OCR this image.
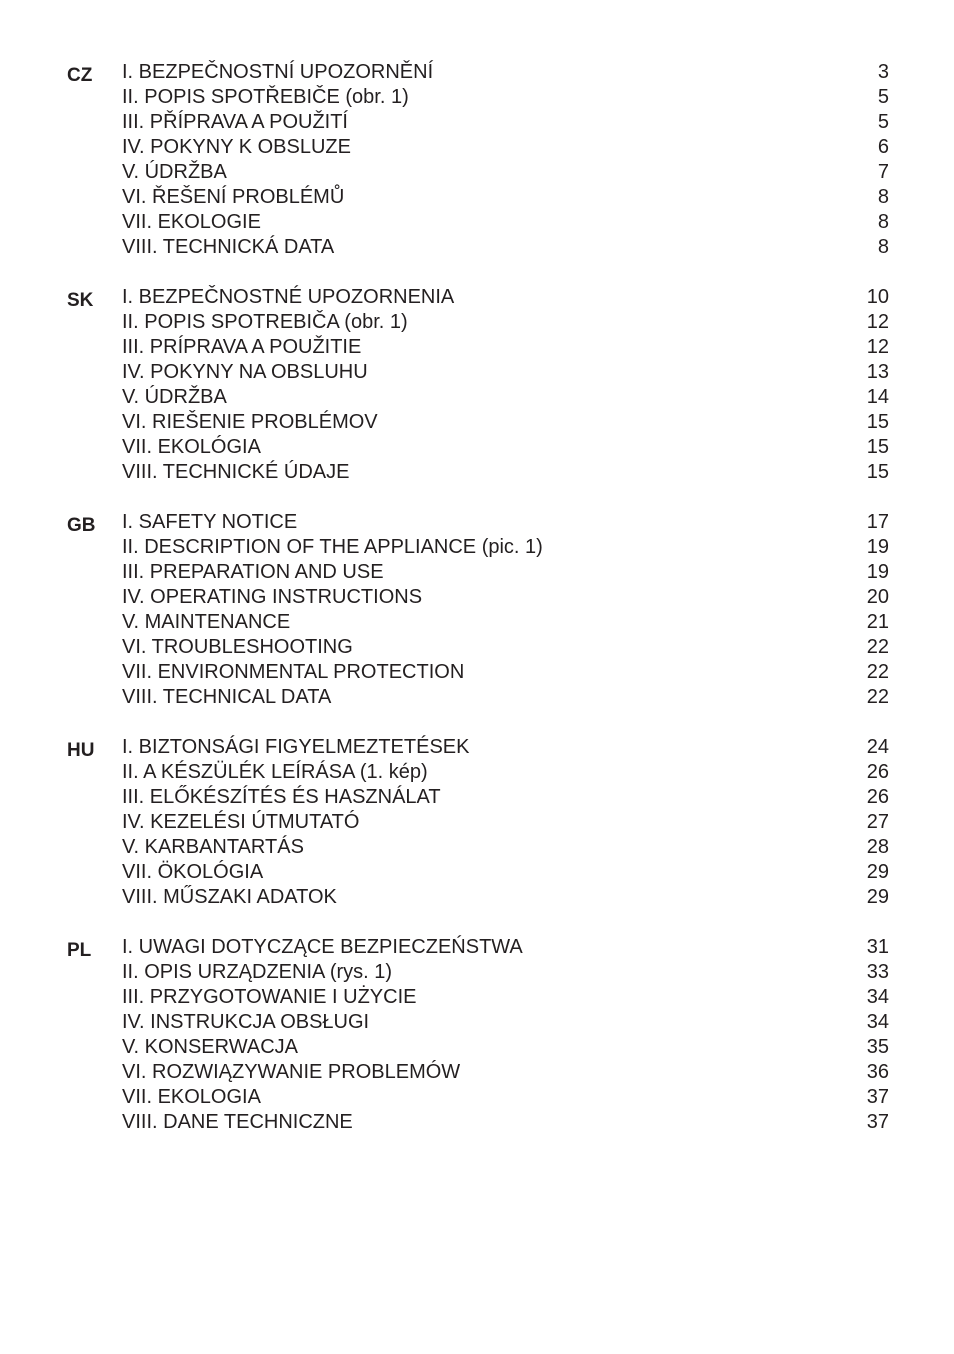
CZ I. BEZPEČNOSTNÍ UPOZORNĚNÍ	3
II. POPIS SPOTŘEBIČE (obr. 1)	5
III. PŘÍPRAVA A POUŽITÍ	5
IV. POKYNY K OBSLUZE	6
V. ÚDRŽBA	7
VI. ŘEŠENÍ PROBLÉMŮ	8
VII. EKOLOGIE	8
VIII. TECHNICKÁ DATA	8
SK I. BEZPEČNOSTNÉ UPOZORNENIA	10
II. POPIS SPOTREBIČA (obr. 1)	12
III. PRÍPRAVA A POUŽITIE	12
IV. POKYNY NA OBSLUHU	13
V. ÚDRŽBA	14
VI. RIEŠENIE PROBLÉMOV	15
VII. EKOLÓGIA	15
VIII. TECHNICKÉ ÚDAJE	15
GB I. SAFETY NOTICE	17
II. DESCRIPTION OF THE APPLIANCE (pic. 1)	19
III. PREPARATION AND USE	19
IV. OPERATING INSTRUCTIONS	20
V. MAINTENANCE	21
VI. TROUBLESHOOTING	22
VII. ENVIRONMENTAL PROTECTION	22
VIII. TECHNICAL DATA	22
HU I. BIZTONSÁGI FIGYELMEZTETÉSEK	24
II. A KÉSZÜLÉK LEÍRÁSA (1. kép)	26
III. ELŐKÉSZÍTÉS ÉS HASZNÁLAT	26
IV. KEZELÉSI ÚTMUTATÓ	27
V. KARBANTARTÁS	28
VII. ÖKOLÓGIA	29
VIII. MŰSZAKI ADATOK	29
PL I. UWAGI DOTYCZĄCE BEZPIECZEŃSTWA	31
II. OPIS URZĄDZENIA (rys. 1)	33
III. PRZYGOTOWANIE I UŻYCIE	34
IV. INSTRUKCJA OBSŁUGI	34
V. KONSERWACJA	35
VI. ROZWIĄZYWANIE PROBLEMÓW	36
VII. EKOLOGIA	37
VIII. DANE TECHNICZNE	37
